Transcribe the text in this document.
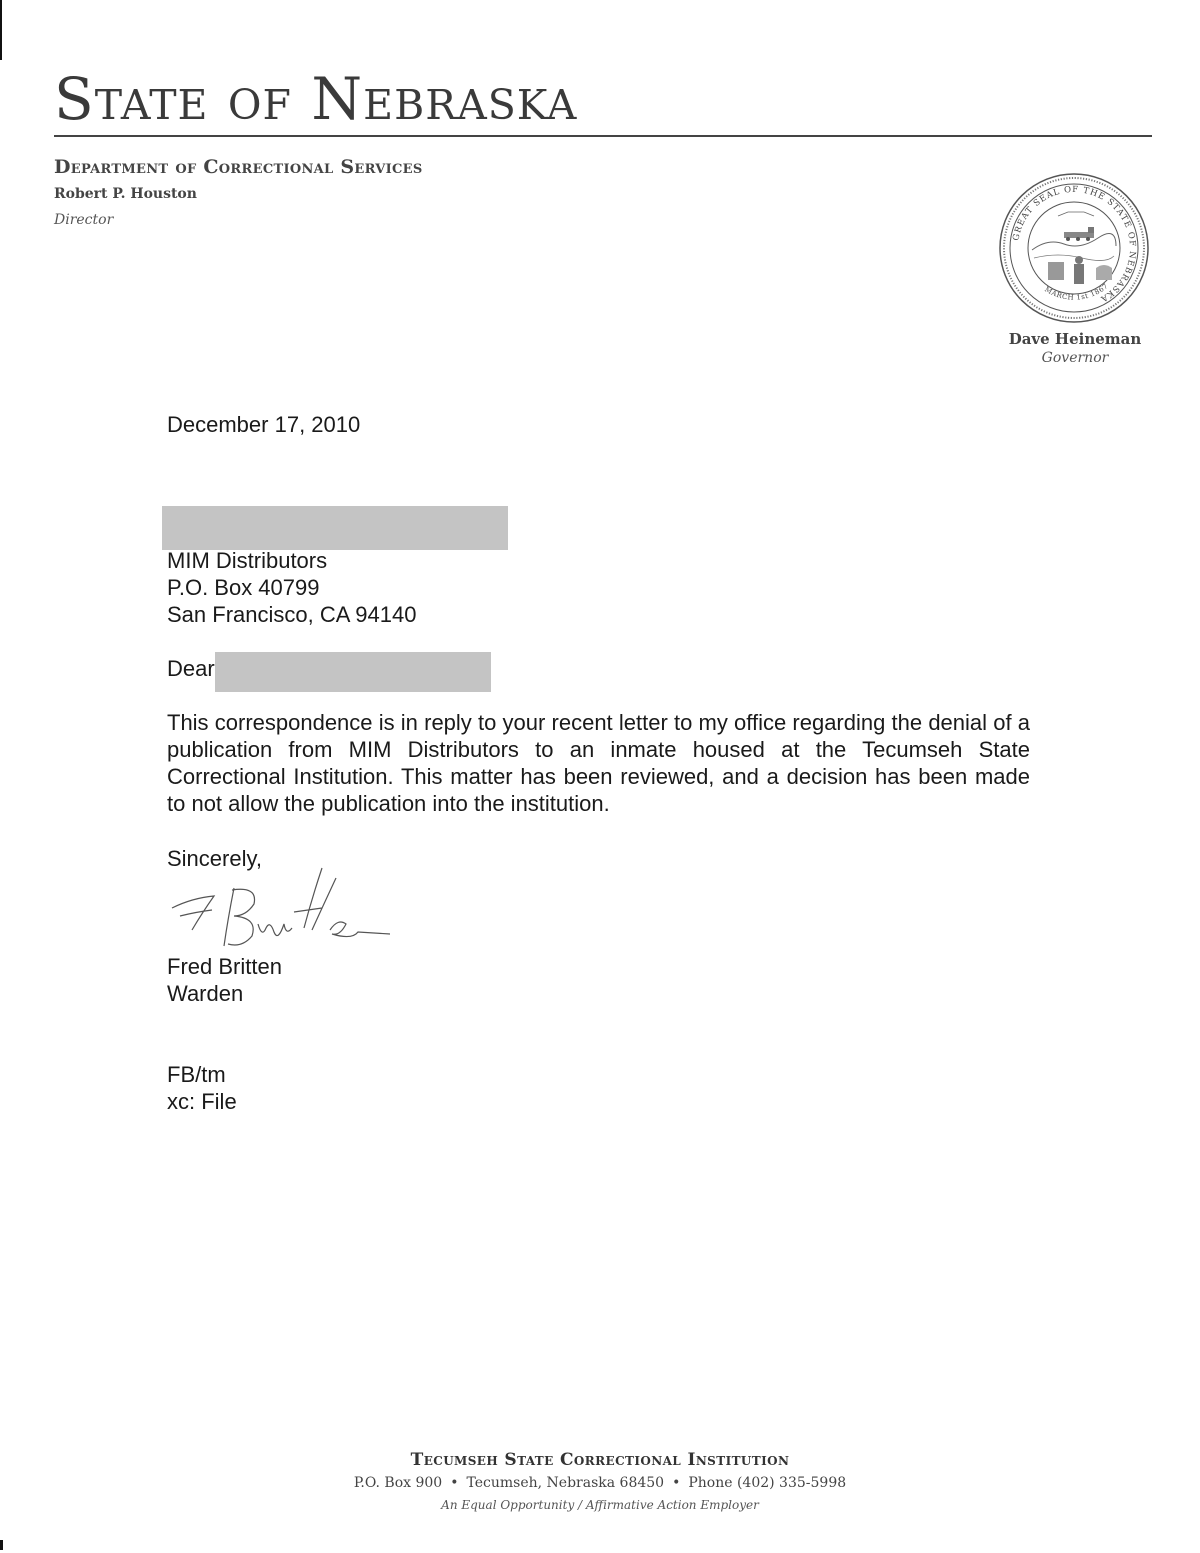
State of Nebraska
Department of Correctional Services
Robert P. Houston
Director
GREAT SEAL OF THE STATE OF NEBRASKA
MARCH 1st 1867
Dave Heineman
Governor
December 17, 2010
MIM Distributors
P.O. Box 40799
San Francisco, CA 94140
Dear

This correspondence is in reply to your recent letter to my office regarding the denial of a publication from MIM Distributors to an inmate housed at the Tecumseh State Correctional Institution. This matter has been reviewed, and a decision has been made to not allow the publication into the institution.

Sincerely,
Fred Britten
Warden
FB/tm
xc: File
Tecumseh State Correctional Institution
P.O. Box 900 • Tecumseh, Nebraska 68450 • Phone (402) 335-5998
An Equal Opportunity / Affirmative Action Employer
